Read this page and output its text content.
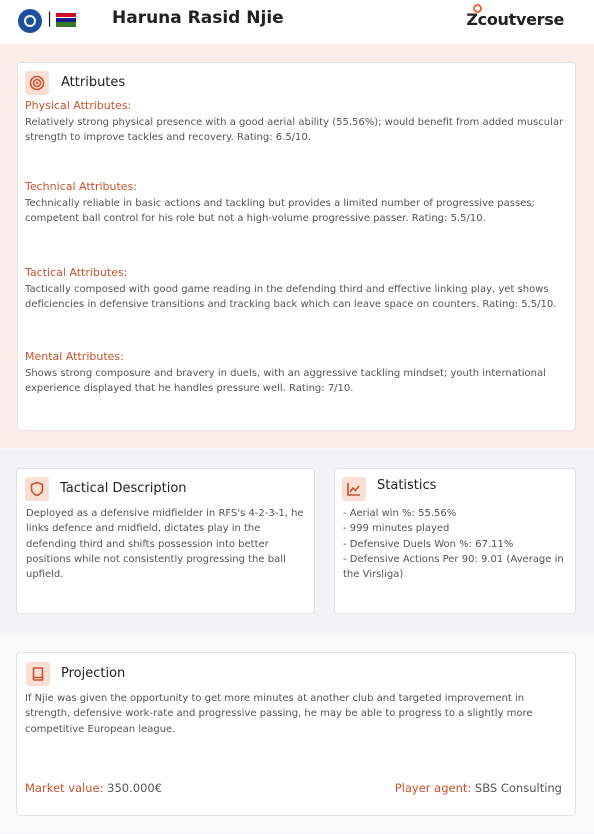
|	Haruna Rasid Njie	Zcoutverse
Attributes
Physical Attributes:
Relatively strong physical presence with a good aerial ability (55.56%); would benefit from added muscular strength to improve tackles and recovery. Rating: 6.5/10.
Technical Attributes:
Technically reliable in basic actions and tackling but provides a limited number of progressive passes; competent ball control for his role but not a high-volume progressive passer. Rating: 5.5/10.
Tactical Attributes:
Tactically composed with good game reading in the defending third and effective linking play, yet shows deficiencies in defensive transitions and tracking back which can leave space on counters. Rating: 5.5/10.
Mental Attributes:
Shows strong composure and bravery in duels, with an aggressive tackling mindset; youth international experience displayed that he handles pressure well. Rating: 7/10.
Tactical Description
Deployed as a defensive midfielder in RFS's 4-2-3-1, he links defence and midfield, dictates play in the defending third and shifts possession into better positions while not consistently progressing the ball upfield.
Statistics
- Aerial win %: 55.56%
- 999 minutes played
- Defensive Duels Won %: 67.11%
- Defensive Actions Per 90: 9.01 (Average in the Virsliga)
Projection
If Njie was given the opportunity to get more minutes at another club and targeted improvement in strength, defensive work-rate and progressive passing, he may be able to progress to a slightly more competitive European league.
Market value: 350.000€	Player agent: SBS Consulting
